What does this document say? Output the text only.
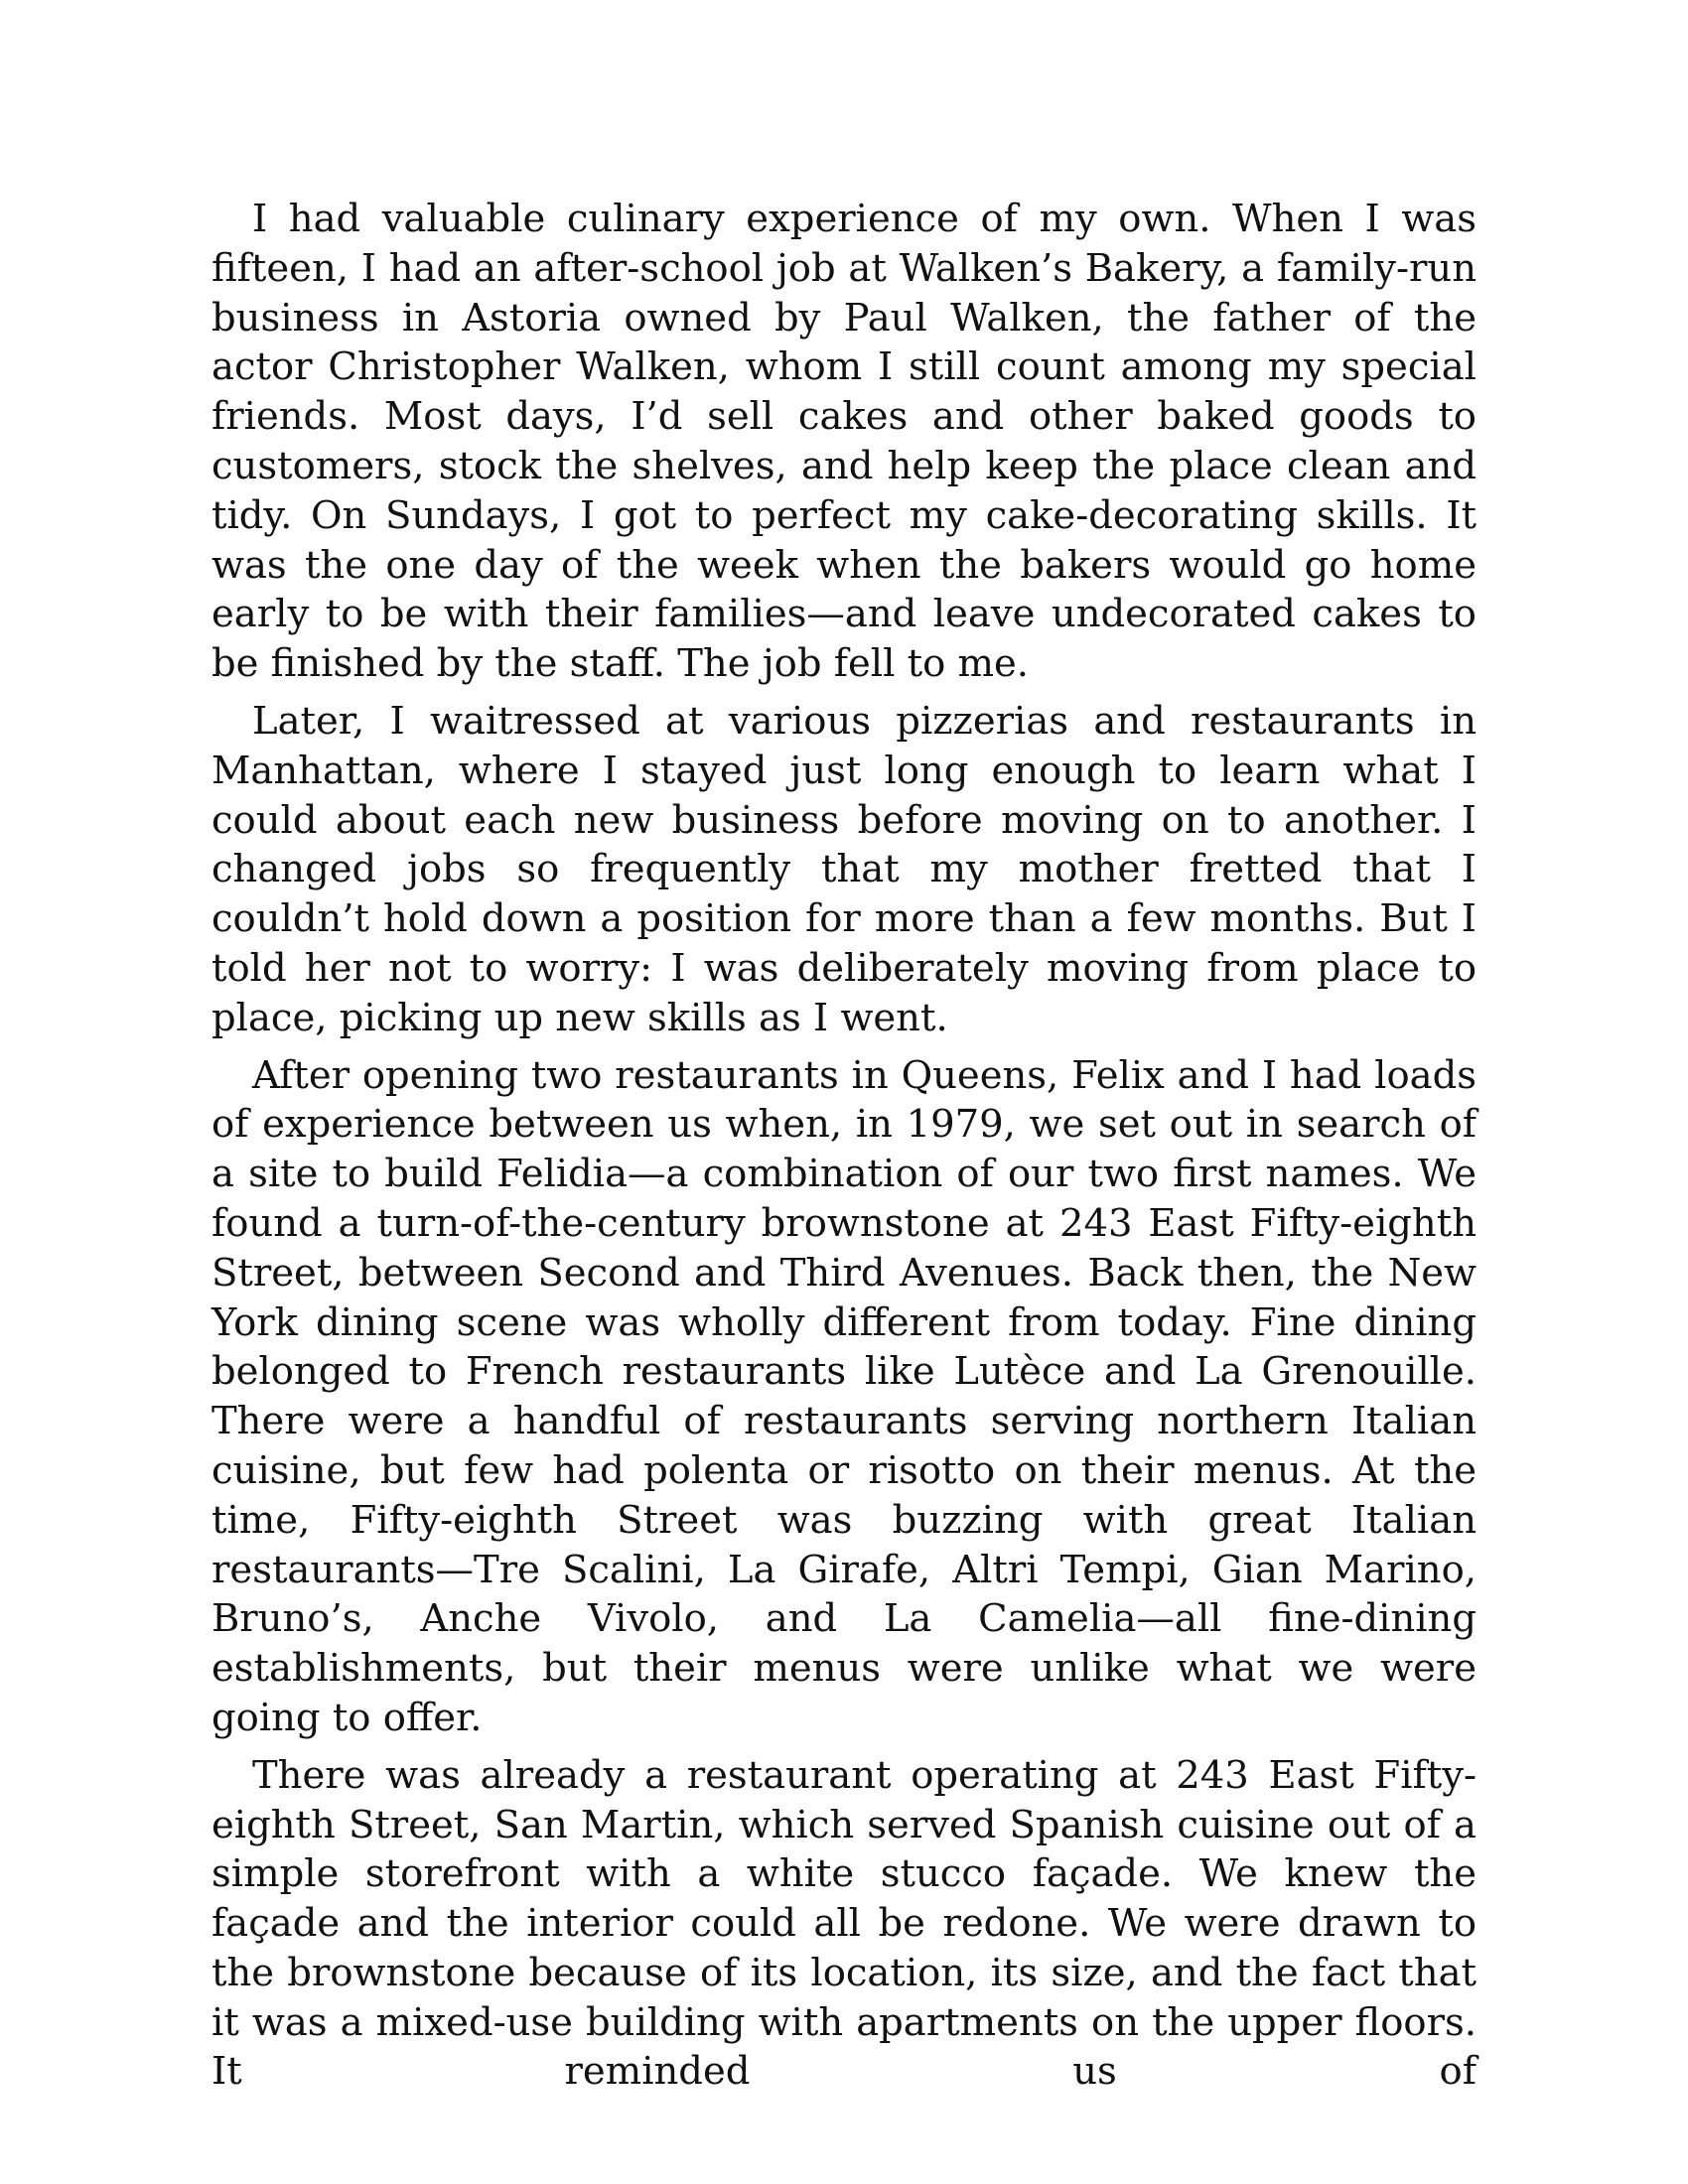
I had valuable culinary experience of my own. When I was fifteen, I had an after-school job at Walken’s Bakery, a family-run business in Astoria owned by Paul Walken, the father of the actor Christopher Walken, whom I still count among my special friends. Most days, I’d sell cakes and other baked goods to customers, stock the shelves, and help keep the place clean and tidy. On Sundays, I got to perfect my cake-decorating skills. It was the one day of the week when the bakers would go home early to be with their families—and leave undecorated cakes to be finished by the staff. The job fell to me.

Later, I waitressed at various pizzerias and restaurants in Manhattan, where I stayed just long enough to learn what I could about each new business before moving on to another. I changed jobs so frequently that my mother fretted that I couldn’t hold down a position for more than a few months. But I told her not to worry: I was deliberately moving from place to place, picking up new skills as I went.

After opening two restaurants in Queens, Felix and I had loads of experience between us when, in 1979, we set out in search of a site to build Felidia—a combination of our two first names. We found a turn-of-the-century brownstone at 243 East Fifty-eighth Street, between Second and Third Avenues. Back then, the New York dining scene was wholly different from today. Fine dining belonged to French restaurants like Lutèce and La Grenouille. There were a handful of restaurants serving northern Italian cuisine, but few had polenta or risotto on their menus. At the time, Fifty-eighth Street was buzzing with great Italian restaurants—Tre Scalini, La Girafe, Altri Tempi, Gian Marino, Bruno’s, Anche Vivolo, and La Camelia—all fine-dining establishments, but their menus were unlike what we were going to offer.

There was already a restaurant operating at 243 East Fifty-eighth Street, San Martin, which served Spanish cuisine out of a simple storefront with a white stucco façade. We knew the façade and the interior could all be redone. We were drawn to the brownstone because of its location, its size, and the fact that it was a mixed-use building with apartments on the upper floors. It reminded us of
